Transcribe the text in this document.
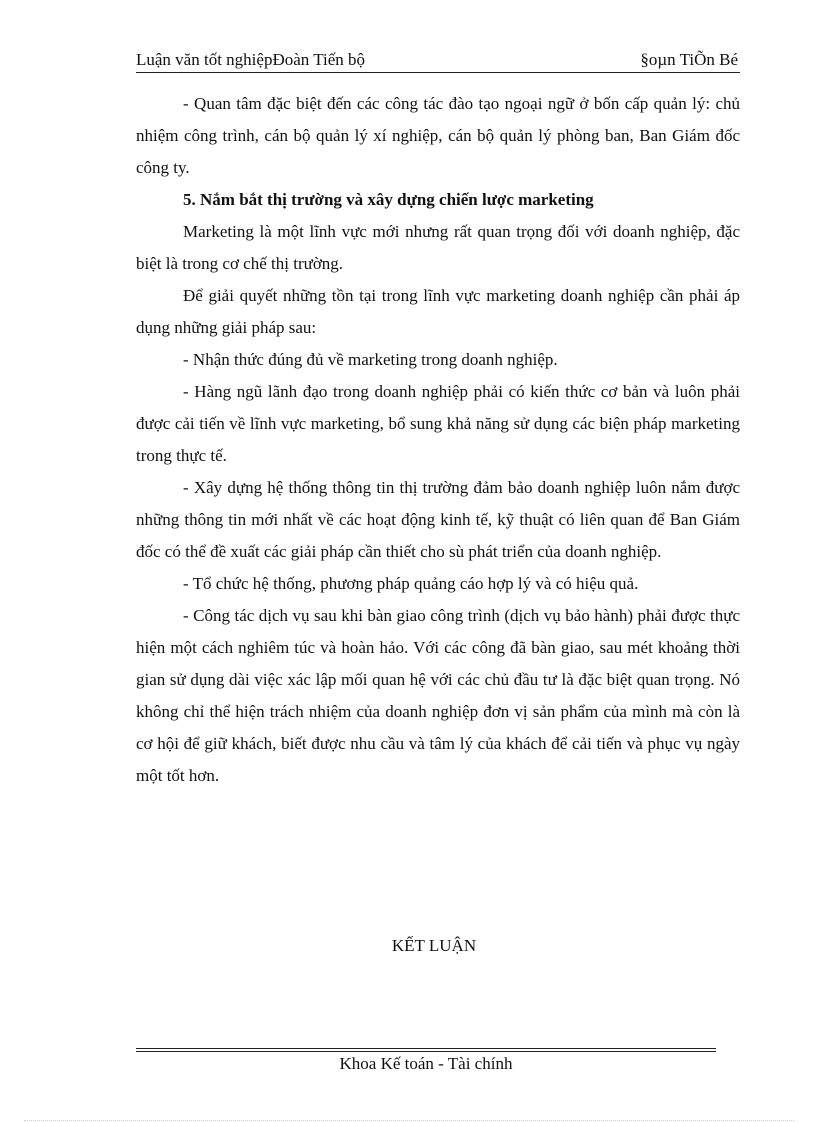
Luận văn tốt nghiệpĐoàn Tiến bộ	§oµn TiÕn Bé

- Quan tâm đặc biệt đến các công tác đào tạo ngoại ngữ ở bốn cấp quản lý: chủ nhiệm công trình, cán bộ quản lý xí nghiệp, cán bộ quản lý phòng ban, Ban Giám đốc công ty.

5. Nắm bắt thị trường và xây dựng chiến lược marketing

Marketing là một lĩnh vực mới nhưng rất quan trọng đối với doanh nghiệp, đặc biệt là trong cơ chế thị trường.

Để giải quyết những tồn tại trong lĩnh vực marketing doanh nghiệp cần phải áp dụng những giải pháp sau:

- Nhận thức đúng đủ về marketing trong doanh nghiệp.

- Hàng ngũ lãnh đạo trong doanh nghiệp phải có kiến thức cơ bản và luôn phải được cải tiến về lĩnh vực marketing, bổ sung khả năng sử dụng các biện pháp marketing trong thực tế.

- Xây dựng hệ thống thông tin thị trường đảm bảo doanh nghiệp luôn nắm được những thông tin mới nhất về các hoạt động kinh tế, kỹ thuật có liên quan để Ban Giám đốc có thể đề xuất các giải pháp cần thiết cho sù phát triển của doanh nghiệp.

- Tổ chức hệ thống, phương pháp quảng cáo hợp lý và có hiệu quả.

- Công tác dịch vụ sau khi bàn giao công trình (dịch vụ bảo hành) phải được thực hiện một cách nghiêm túc và hoàn hảo. Với các công đã bàn giao, sau mét khoảng thời gian sử dụng dài việc xác lập mối quan hệ với các chủ đầu tư là đặc biệt quan trọng. Nó không chỉ thể hiện trách nhiệm của doanh nghiệp đơn vị sản phẩm của mình mà còn là cơ hội để giữ khách, biết được nhu cầu và tâm lý của khách để cải tiến và phục vụ ngày một tốt hơn.

KẾT LUẬN
Khoa Kế toán - Tài chính
